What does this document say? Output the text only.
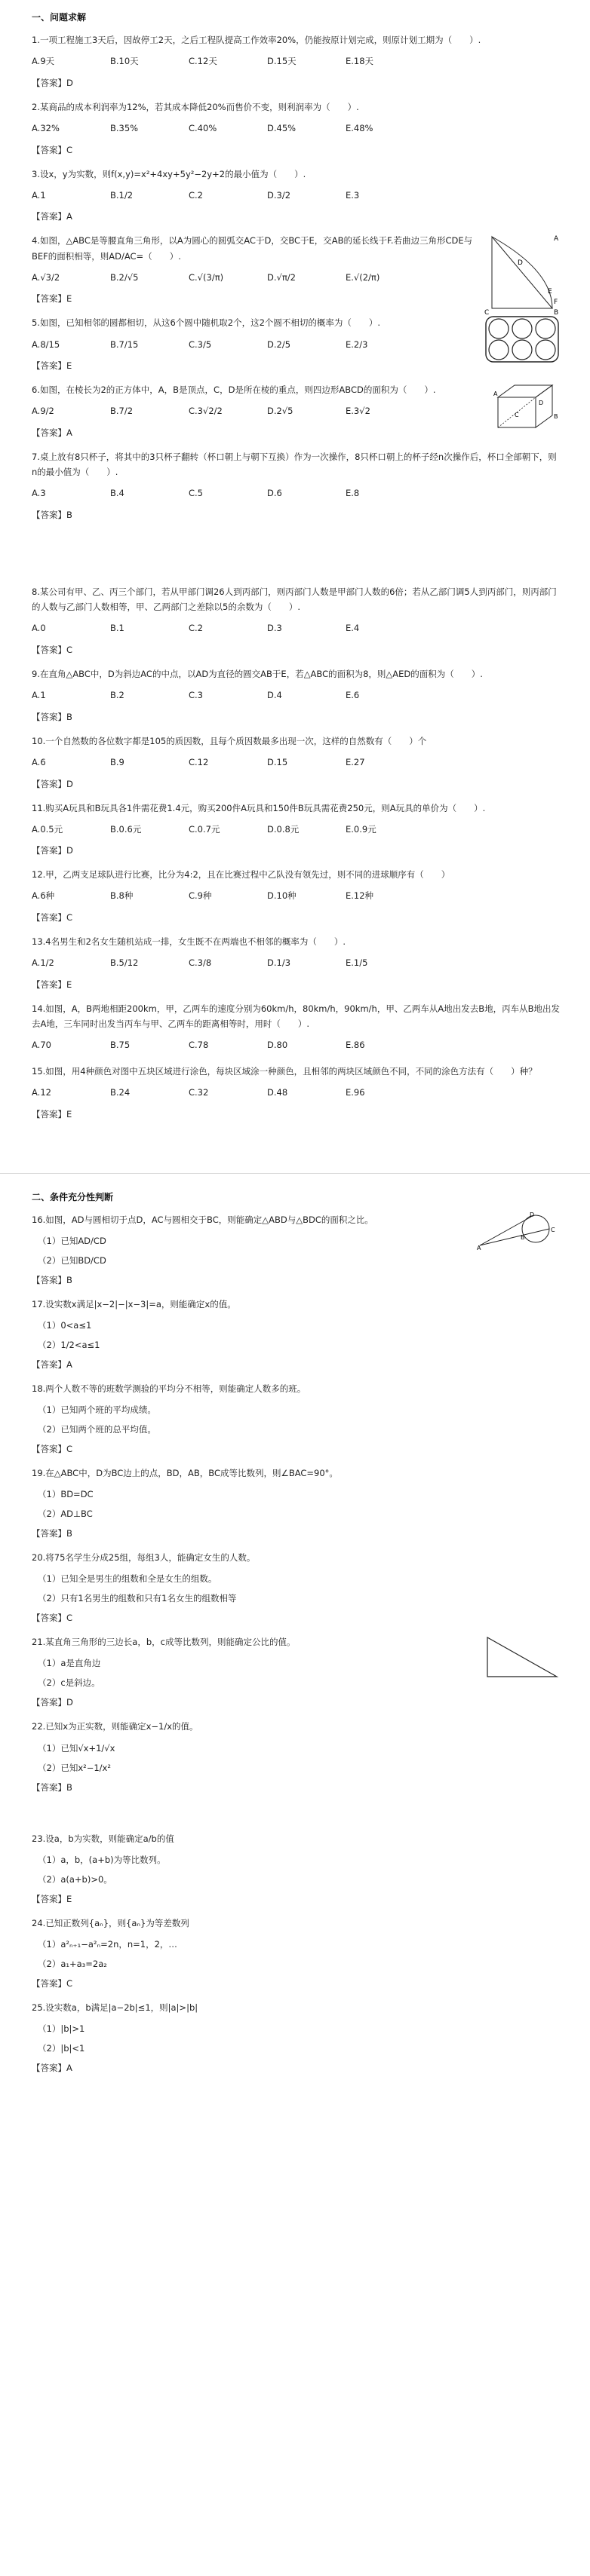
一、问题求解
1.一项工程施工3天后，因故停工2天，之后工程队提高工作效率20%，仍能按原计划完成，则原计划工期为（　　）.
A.9天	B.10天	C.12天	D.15天	E.18天
【答案】D
2.某商品的成本利润率为12%，若其成本降低20%而售价不变，则利润率为（　　）.
A.32%	B.35%	C.40%	D.45%	E.48%
【答案】C
3.设x，y为实数，则f(x,y)=x²+4xy+5y²−2y+2的最小值为（　　）.
A.1	B.1/2	C.2	D.3/2	E.3
【答案】A
4.如图，△ABC是等腰直角三角形，以A为圆心的圆弧交AC于D，交BC于E，交AB的延长线于F.若曲边三角形CDE与BEF的面积相等，则AD/AC=（　　）.
A.√3/2	B.2/√5	C.√(3/π)	D.√π/2	E.√(2/π)
【答案】E
A
B
C
D
E
F
5.如图，已知相邻的圆都相切，从这6个圆中随机取2个，这2个圆不相切的概率为（　　）.
A.8/15	B.7/15	C.3/5	D.2/5	E.2/3
【答案】E
6.如图，在棱长为2的正方体中，A，B是顶点，C，D是所在棱的重点，则四边形ABCD的面积为（　　）.
A.9/2	B.7/2	C.3√2/2	D.2√5	E.3√2
【答案】A
A
B
C
D
7.桌上放有8只杯子，将其中的3只杯子翻转（杯口朝上与朝下互换）作为一次操作，8只杯口朝上的杯子经n次操作后，杯口全部朝下，则n的最小值为（　　）.
A.3	B.4	C.5	D.6	E.8
【答案】B
8.某公司有甲、乙、丙三个部门，若从甲部门调26人到丙部门，则丙部门人数是甲部门人数的6倍；若从乙部门调5人到丙部门，则丙部门的人数与乙部门人数相等，甲、乙两部门之差除以5的余数为（　　）.
A.0	B.1	C.2	D.3	E.4
【答案】C
9.在直角△ABC中，D为斜边AC的中点，以AD为直径的圆交AB于E，若△ABC的面积为8，则△AED的面积为（　　）.
A.1	B.2	C.3	D.4	E.6
【答案】B
10.一个自然数的各位数字都是105的质因数，且每个质因数最多出现一次，这样的自然数有（　　）个
A.6	B.9	C.12	D.15	E.27
【答案】D
11.购买A玩具和B玩具各1件需花费1.4元，购买200件A玩具和150件B玩具需花费250元，则A玩具的单价为（　　）.
A.0.5元	B.0.6元	C.0.7元	D.0.8元	E.0.9元
【答案】D
12.甲，乙两支足球队进行比赛，比分为4:2，且在比赛过程中乙队没有领先过，则不同的进球顺序有（　　）
A.6种	B.8种	C.9种	D.10种	E.12种
【答案】C
13.4名男生和2名女生随机站成一排，女生既不在两端也不相邻的概率为（　　）.
A.1/2	B.5/12	C.3/8	D.1/3	E.1/5
【答案】E
14.如图，A，B两地相距200km，甲，乙两车的速度分别为60km/h，80km/h，90km/h，甲、乙两车从A地出发去B地，丙车从B地出发去A地，三车同时出发当丙车与甲、乙两车的距离相等时，用时（　　）.
A.70	B.75	C.78	D.80	E.86
15.如图，用4种颜色对图中五块区域进行涂色，每块区域涂一种颜色，且相邻的两块区域颜色不同，不同的涂色方法有（　　）种？
A.12	B.24	C.32	D.48	E.96
【答案】E
二、条件充分性判断
16.如图，AD与圆相切于点D，AC与圆相交于BC，则能确定△ABD与△BDC的面积之比。
（1）已知AD/CD
（2）已知BD/CD
【答案】B
A
B
C
D
17.设实数x满足|x−2|−|x−3|=a，则能确定x的值。
（1）0<a≤1
（2）1/2<a≤1
【答案】A
18.两个人数不等的班数学测验的平均分不相等，则能确定人数多的班。
（1）已知两个班的平均成绩。
（2）已知两个班的总平均值。
【答案】C
19.在△ABC中，D为BC边上的点，BD，AB，BC成等比数列，则∠BAC=90°。
（1）BD=DC
（2）AD⊥BC
【答案】B
20.将75名学生分成25组，每组3人，能确定女生的人数。
（1）已知全是男生的组数和全是女生的组数。
（2）只有1名男生的组数和只有1名女生的组数相等
【答案】C
21.某直角三角形的三边长a，b，c成等比数列，则能确定公比的值。
（1）a是直角边
（2）c是斜边。
【答案】D
22.已知x为正实数，则能确定x−1/x的值。
（1）已知√x+1/√x
（2）已知x²−1/x²
【答案】B
23.设a，b为实数，则能确定a/b的值
（1）a，b，(a+b)为等比数列。
（2）a(a+b)>0。
【答案】E
24.已知正数列{aₙ}，则{aₙ}为等差数列
（1）a²ₙ₊₁−a²ₙ=2n，n=1，2，…
（2）a₁+a₃=2a₂
【答案】C
25.设实数a，b满足|a−2b|≤1，则|a|>|b|
（1）|b|>1
（2）|b|<1
【答案】A
